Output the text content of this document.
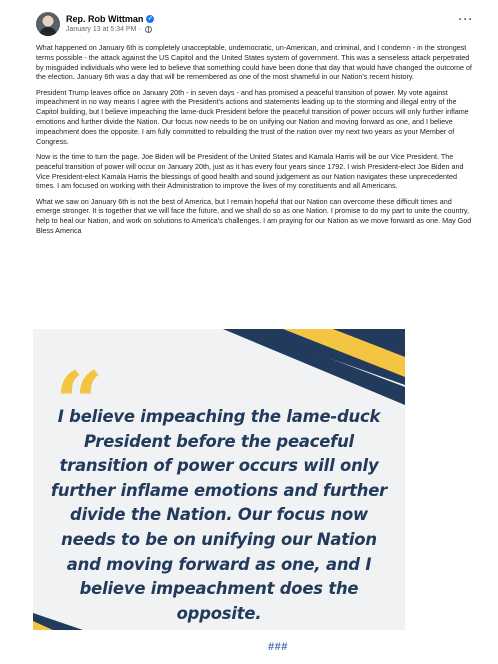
Rep. Rob Wittman ✓
January 13 at 5:34 PM ·
···

What happened on January 6th is completely unacceptable, undemocratic, un-American, and criminal, and I condemn - in the strongest terms possible - the attack against the US Capitol and the United States system of government. This was a senseless attack perpetrated by misguided individuals who were led to believe that something could have been done that day that would have changed the outcome of the election. January 6th was a day that will be remembered as one of the most shameful in our Nation's recent history.

President Trump leaves office on January 20th - in seven days - and has promised a peaceful transition of power. My vote against impeachment in no way means I agree with the President's actions and statements leading up to the storming and illegal entry of the Capitol building, but I believe impeaching the lame-duck President before the peaceful transition of power occurs will only further inflame emotions and further divide the Nation. Our focus now needs to be on unifying our Nation and moving forward as one, and I believe impeachment does the opposite. I am fully committed to rebuilding the trust of the nation over my next two years as your Member of Congress.

Now is the time to turn the page. Joe Biden will be President of the United States and Kamala Harris will be our Vice President. The peaceful transition of power will occur on January 20th, just as it has every four years since 1792. I wish President-elect Joe Biden and Vice President-elect Kamala Harris the blessings of good health and sound judgement as our Nation navigates these unprecedented times. I am focused on working with their Administration to improve the lives of my constituents and all Americans.

What we saw on January 6th is not the best of America, but I remain hopeful that our Nation can overcome these difficult times and emerge stronger. It is together that we will face the future, and we shall do so as one Nation. I promise to do my part to unite the country, help to heal our Nation, and work on solutions to America's challenges. I am praying for our Nation as we move forward as one. May God Bless America

“
I believe impeaching the lame-duck President before the peaceful transition of power occurs will only further inflame emotions and further divide the Nation. Our focus now needs to be on unifying our Nation and moving forward as one, and I believe impeachment does the opposite.
###
